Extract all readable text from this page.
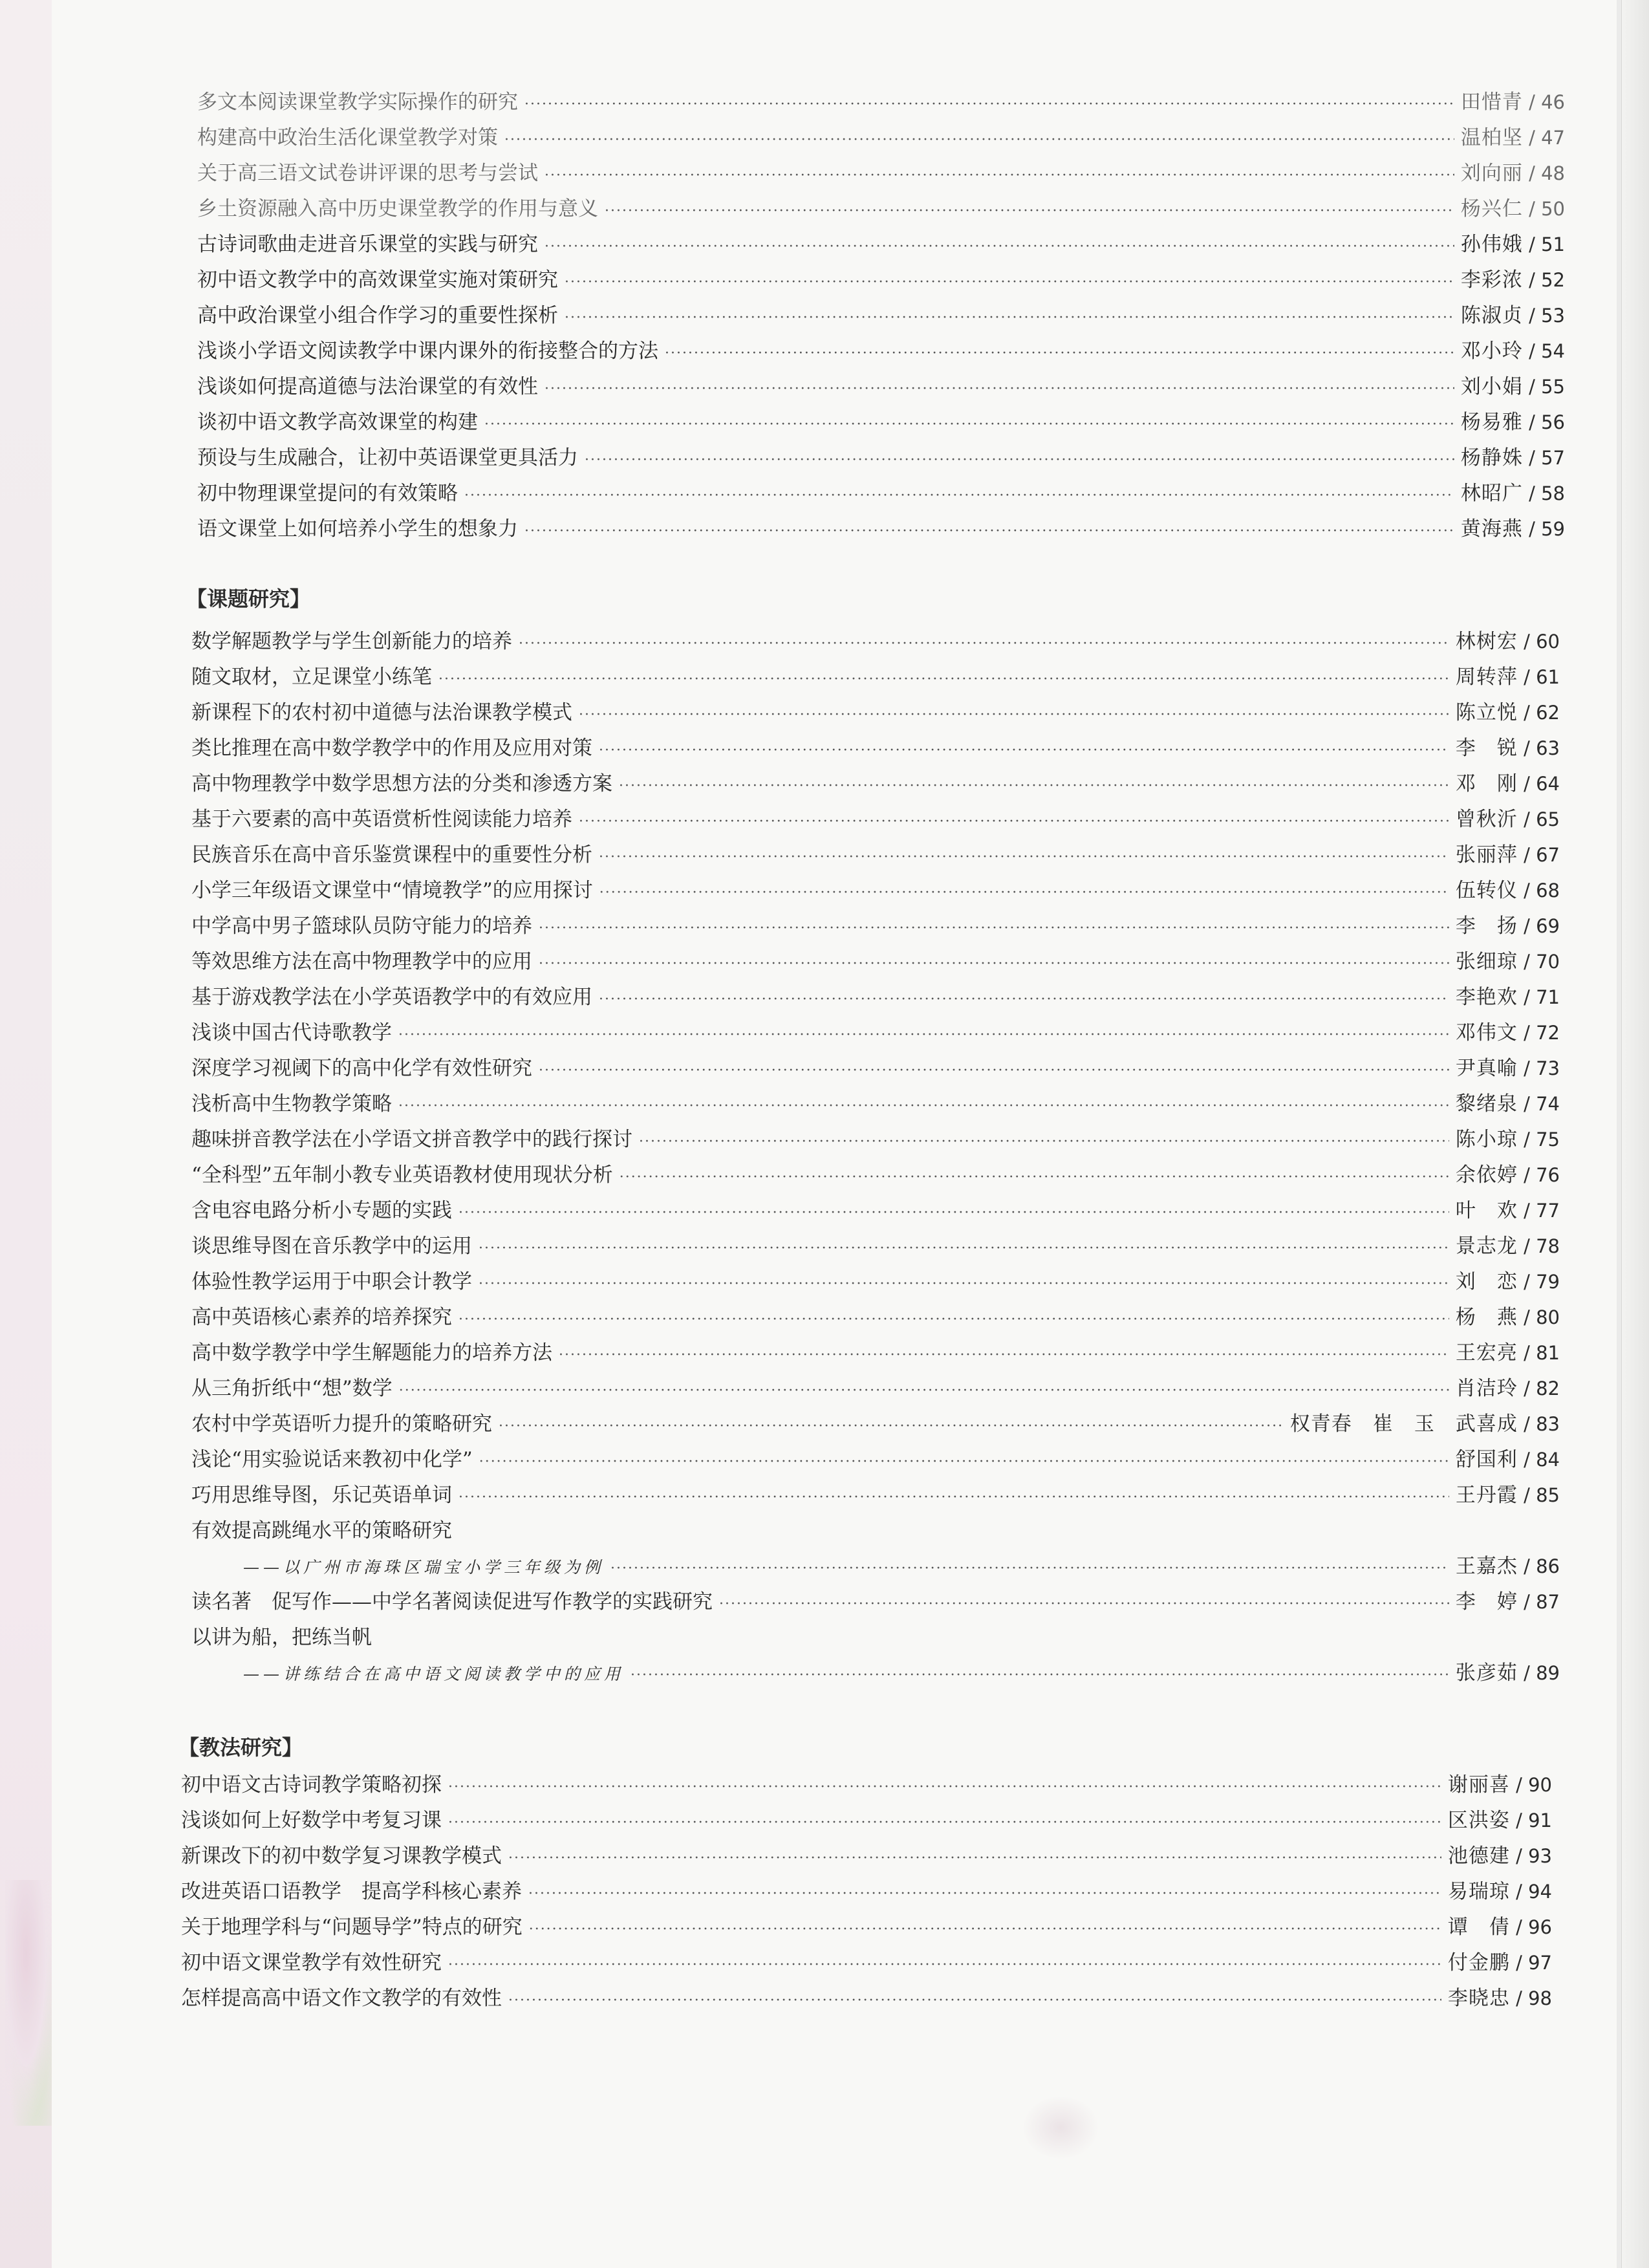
多文本阅读课堂教学实际操作的研究 ·····	田惜青 / 46
构建高中政治生活化课堂教学对策 ·····	温柏坚 / 47
关于高三语文试卷讲评课的思考与尝试 ·····	刘向丽 / 48
乡土资源融入高中历史课堂教学的作用与意义 ·····	杨兴仁 / 50
古诗词歌曲走进音乐课堂的实践与研究 ·····	孙伟娥 / 51
初中语文教学中的高效课堂实施对策研究 ·····	李彩浓 / 52
高中政治课堂小组合作学习的重要性探析 ·····	陈淑贞 / 53
浅谈小学语文阅读教学中课内课外的衔接整合的方法 ·····	邓小玲 / 54
浅谈如何提高道德与法治课堂的有效性 ·····	刘小娟 / 55
谈初中语文教学高效课堂的构建 ·····	杨易雅 / 56
预设与生成融合，让初中英语课堂更具活力 ·····	杨静姝 / 57
初中物理课堂提问的有效策略 ·····	林昭广 / 58
语文课堂上如何培养小学生的想象力 ·····	黄海燕 / 59
【课题研究】
数学解题教学与学生创新能力的培养 ·····	林树宏 / 60
随文取材，立足课堂小练笔 ·····	周转萍 / 61
新课程下的农村初中道德与法治课教学模式 ·····	陈立悦 / 62
类比推理在高中数学教学中的作用及应用对策 ·····	李　锐 / 63
高中物理教学中数学思想方法的分类和渗透方案 ·····	邓　刚 / 64
基于六要素的高中英语赏析性阅读能力培养 ·····	曾秋沂 / 65
民族音乐在高中音乐鉴赏课程中的重要性分析 ·····	张丽萍 / 67
小学三年级语文课堂中“情境教学”的应用探讨 ·····	伍转仪 / 68
中学高中男子篮球队员防守能力的培养 ·····	李　扬 / 69
等效思维方法在高中物理教学中的应用 ·····	张细琼 / 70
基于游戏教学法在小学英语教学中的有效应用 ·····	李艳欢 / 71
浅谈中国古代诗歌教学 ·····	邓伟文 / 72
深度学习视阈下的高中化学有效性研究 ·····	尹真喻 / 73
浅析高中生物教学策略 ·····	黎绪泉 / 74
趣味拼音教学法在小学语文拼音教学中的践行探讨 ·····	陈小琼 / 75
“全科型”五年制小教专业英语教材使用现状分析 ·····	余依婷 / 76
含电容电路分析小专题的实践 ·····	叶　欢 / 77
谈思维导图在音乐教学中的运用 ·····	景志龙 / 78
体验性教学运用于中职会计教学 ·····	刘　恋 / 79
高中英语核心素养的培养探究 ·····	杨　燕 / 80
高中数学教学中学生解题能力的培养方法 ·····	王宏亮 / 81
从三角折纸中“想”数学 ·····	肖洁玲 / 82
农村中学英语听力提升的策略研究 ·····	权青春　崔　玉　武喜成 / 83
浅论“用实验说话来教初中化学” ·····	舒国利 / 84
巧用思维导图，乐记英语单词 ·····	王丹霞 / 85
有效提高跳绳水平的策略研究
——以广州市海珠区瑞宝小学三年级为例 ·····	王嘉杰 / 86
读名著　促写作——中学名著阅读促进写作教学的实践研究 ·····	李　婷 / 87
以讲为船，把练当帆
——讲练结合在高中语文阅读教学中的应用 ·····	张彦茹 / 89
【教法研究】
初中语文古诗词教学策略初探 ·····	谢丽喜 / 90
浅谈如何上好数学中考复习课 ·····	区洪姿 / 91
新课改下的初中数学复习课教学模式 ·····	池德建 / 93
改进英语口语教学　提高学科核心素养 ·····	易瑞琼 / 94
关于地理学科与“问题导学”特点的研究 ·····	谭　倩 / 96
初中语文课堂教学有效性研究 ·····	付金鹏 / 97
怎样提高高中语文作文教学的有效性 ·····	李晓忠 / 98
